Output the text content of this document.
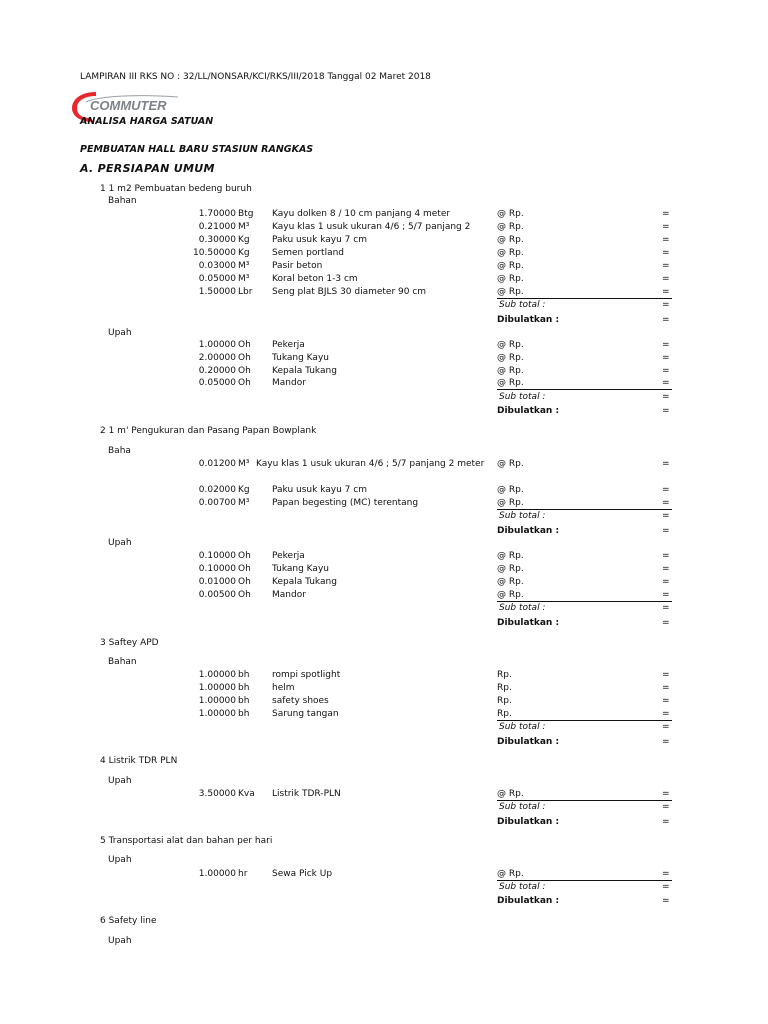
LAMPIRAN III RKS NO : 32/LL/NONSAR/KCI/RKS/III/2018 Tanggal 02 Maret 2018
COMMUTER
ANALISA HARGA SATUAN
PEMBUATAN HALL BARU STASIUN RANGKAS
A. PERSIAPAN UMUM
1 1 m2 Pembuatan bedeng buruh
Bahan
1.70000 Btg Kayu dolken 8 / 10 cm panjang 4 meter	@ Rp.	=
0.21000 M³	Kayu klas 1 usuk ukuran 4/6 ; 5/7 panjang 2	@ Rp.	=
0.30000 Kg Paku usuk kayu 7 cm	@ Rp.	=
10.50000 Kg Semen portland	@ Rp.	=
0.03000 M³	Pasir beton	@ Rp.	=
0.05000 M³	Koral beton 1-3 cm	@ Rp.	=
1.50000 Lbr Seng plat BJLS 30 diameter 90 cm	@ Rp.	=
Sub total :	=
Dibulatkan :	=
Upah
1.00000 Oh Pekerja	@ Rp.	=
2.00000 Oh Tukang Kayu	@ Rp.	=
0.20000 Oh Kepala Tukang	@ Rp.	=
0.05000 Oh Mandor	@ Rp.	=
Sub total :	=
Dibulatkan :	=
2 1 m' Pengukuran dan Pasang Papan Bowplank
Baha
0.01200 M³ Kayu klas 1 usuk ukuran 4/6 ; 5/7 panjang 2 meter @ Rp.	=
0.02000 Kg Paku usuk kayu 7 cm	@ Rp.	=
0.00700 M³	Papan begesting (MC) terentang	@ Rp.	=
Sub total :	=
Dibulatkan :	=
Upah
0.10000 Oh Pekerja	@ Rp.	=
0.10000 Oh Tukang Kayu	@ Rp.	=
0.01000 Oh Kepala Tukang	@ Rp.	=
0.00500 Oh Mandor	@ Rp.	=
Sub total :	=
Dibulatkan :	=
3 Saftey APD
Bahan
1.00000 bh	rompi spotlight	Rp.	=
1.00000 bh	helm	Rp.	=
1.00000 bh	safety shoes	Rp.	=
1.00000 bh	Sarung tangan	Rp.	=
Sub total :	=
Dibulatkan :	=
4 Listrik TDR PLN
Upah
3.50000 Kva Listrik TDR-PLN	@ Rp.	=
Sub total :	=
Dibulatkan :	=
5 Transportasi alat dan bahan per hari
Upah
1.00000 hr	Sewa Pick Up	@ Rp.	=
Sub total :	=
Dibulatkan :	=
6 Safety line
Upah
